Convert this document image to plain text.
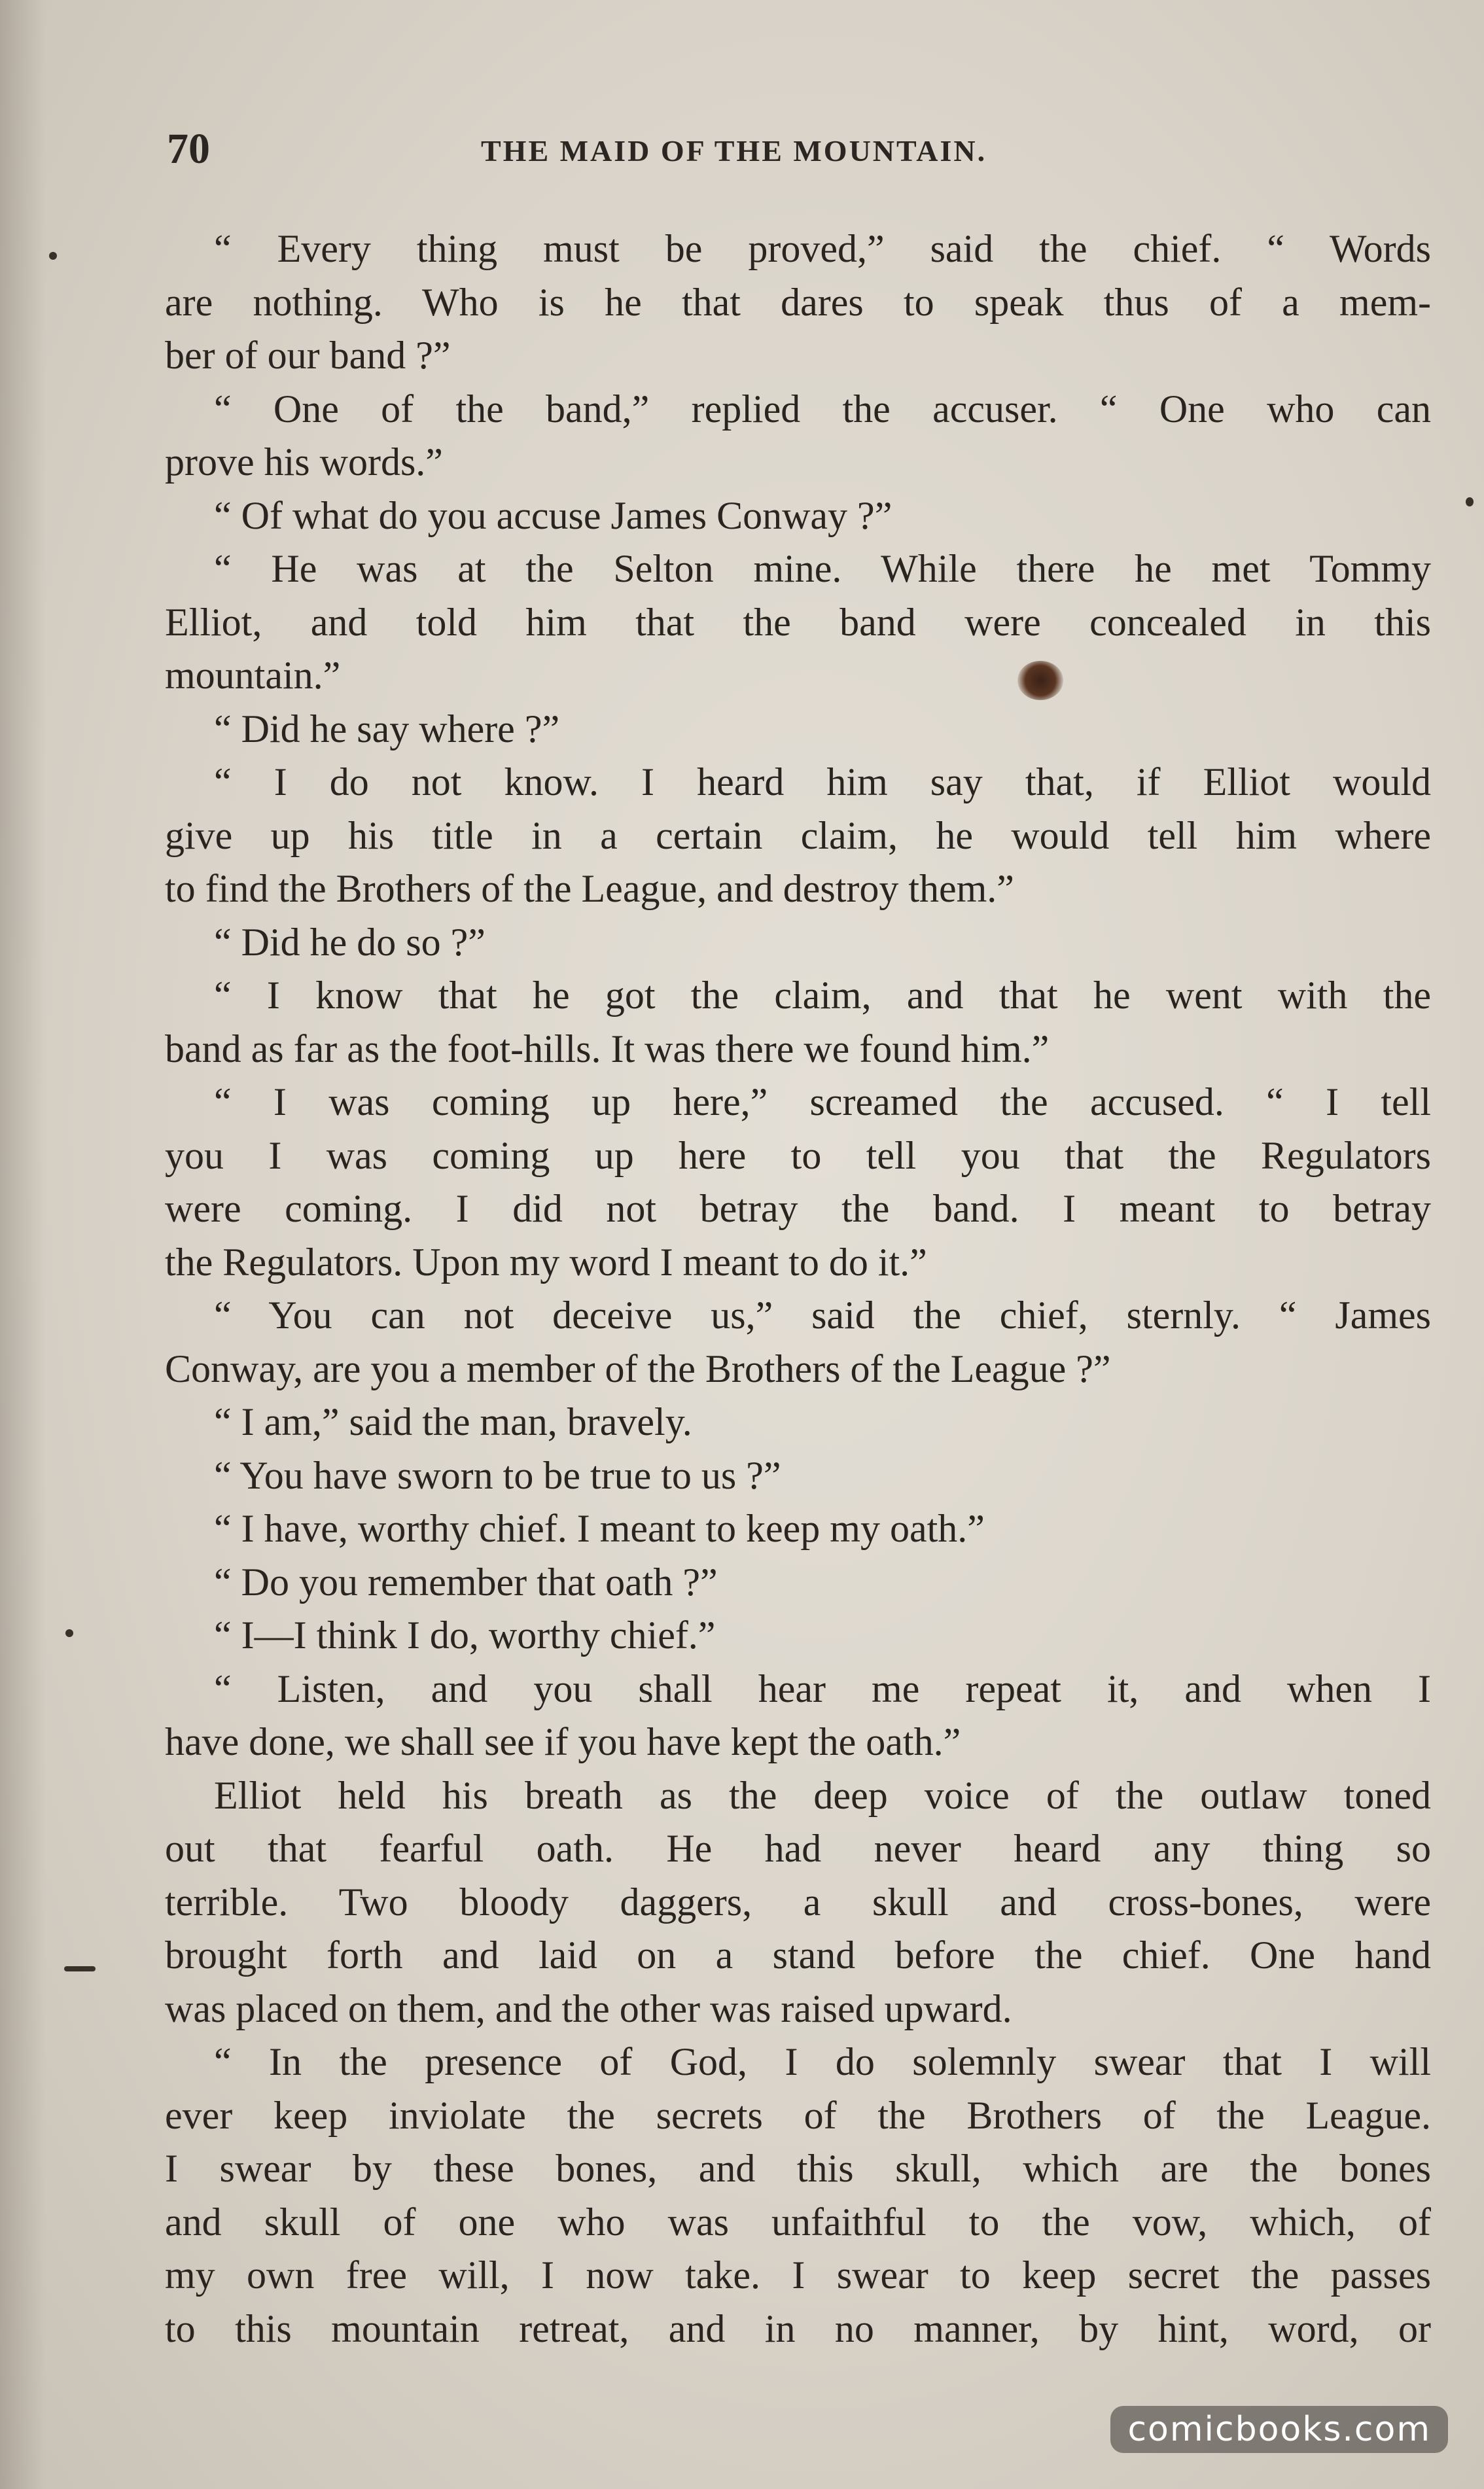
70	THE MAID OF THE MOUNTAIN.
“ Every thing must be proved,” said the chief. “ Words
are nothing. Who is he that dares to speak thus of a mem-
ber of our band ?”
“ One of the band,” replied the accuser. “ One who can
prove his words.”
“ Of what do you accuse James Conway ?”
“ He was at the Selton mine. While there he met Tommy
Elliot, and told him that the band were concealed in this
mountain.”
“ Did he say where ?”
“ I do not know. I heard him say that, if Elliot would
give up his title in a certain claim, he would tell him where
to find the Brothers of the League, and destroy them.”
“ Did he do so ?”
“ I know that he got the claim, and that he went with the
band as far as the foot-hills. It was there we found him.”
“ I was coming up here,” screamed the accused. “ I tell
you I was coming up here to tell you that the Regulators
were coming. I did not betray the band. I meant to betray
the Regulators. Upon my word I meant to do it.”
“ You can not deceive us,” said the chief, sternly. “ James
Conway, are you a member of the Brothers of the League ?”
“ I am,” said the man, bravely.
“ You have sworn to be true to us ?”
“ I have, worthy chief. I meant to keep my oath.”
“ Do you remember that oath ?”
“ I—I think I do, worthy chief.”
“ Listen, and you shall hear me repeat it, and when I
have done, we shall see if you have kept the oath.”
Elliot held his breath as the deep voice of the outlaw toned
out that fearful oath. He had never heard any thing so
terrible. Two bloody daggers, a skull and cross-bones, were
brought forth and laid on a stand before the chief. One hand
was placed on them, and the other was raised upward.
“ In the presence of God, I do solemnly swear that I will
ever keep inviolate the secrets of the Brothers of the League.
I swear by these bones, and this skull, which are the bones
and skull of one who was unfaithful to the vow, which, of
my own free will, I now take. I swear to keep secret the passes
to this mountain retreat, and in no manner, by hint, word, or
comicbooks.com
